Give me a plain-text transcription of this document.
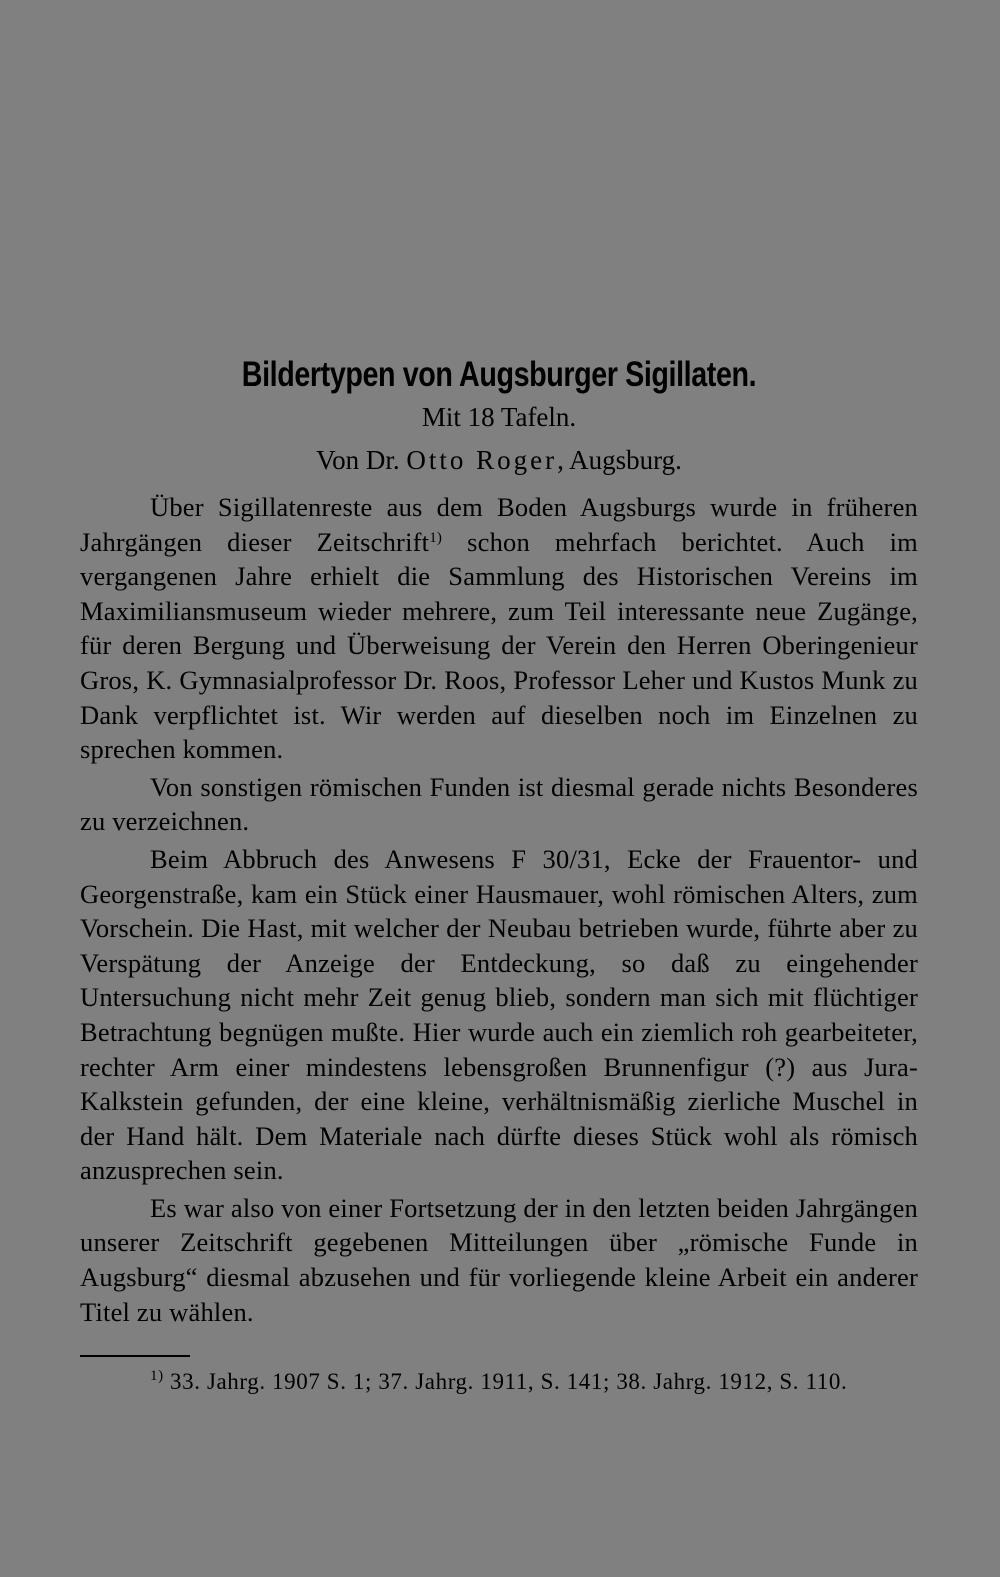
Bildertypen von Augsburger Sigillaten.
Mit 18 Tafeln.
Von Dr. Otto Roger, Augsburg.

Über Sigillatenreste aus dem Boden Augsburgs wurde in früheren Jahrgängen dieser Zeitschrift$^{1)}$ schon mehrfach berichtet. Auch im vergangenen Jahre erhielt die Sammlung des Historischen Vereins im Maximiliansmuseum wieder mehrere, zum Teil interessante neue Zugänge, für deren Bergung und Überweisung der Verein den Herren Oberingenieur Gros, K. Gymnasialprofessor Dr. Roos, Professor Leher und Kustos Munk zu Dank verpflichtet ist. Wir werden auf dieselben noch im Einzelnen zu sprechen kommen.

Von sonstigen römischen Funden ist diesmal gerade nichts Besonderes zu verzeichnen.

Beim Abbruch des Anwesens F 30/31, Ecke der Frauentor- und Georgenstraße, kam ein Stück einer Hausmauer, wohl römischen Alters, zum Vorschein. Die Hast, mit welcher der Neubau betrieben wurde, führte aber zu Verspätung der Anzeige der Entdeckung, so daß zu eingehender Untersuchung nicht mehr Zeit genug blieb, sondern man sich mit flüchtiger Betrachtung begnügen mußte. Hier wurde auch ein ziemlich roh gearbeiteter, rechter Arm einer mindestens lebensgroßen Brunnenfigur (?) aus Jura-Kalkstein gefunden, der eine kleine, verhältnismäßig zierliche Muschel in der Hand hält. Dem Materiale nach dürfte dieses Stück wohl als römisch anzusprechen sein.

Es war also von einer Fortsetzung der in den letzten beiden Jahrgängen unserer Zeitschrift gegebenen Mitteilungen über „römische Funde in Augsburg“ diesmal abzusehen und für vorliegende kleine Arbeit ein anderer Titel zu wählen.

$^{1)}$ 33. Jahrg. 1907 S. 1; 37. Jahrg. 1911, S. 141; 38. Jahrg. 1912, S. 110.
